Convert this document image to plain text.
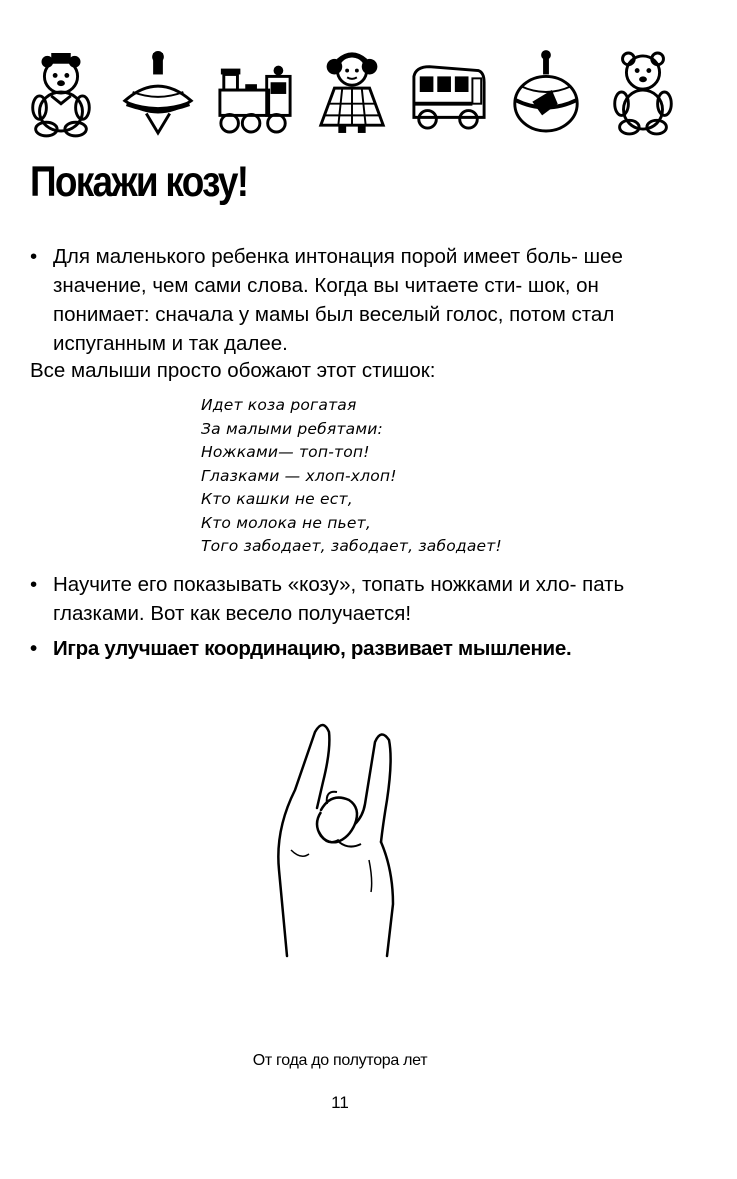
Покажи козу!
• Для маленького ребенка интонация порой имеет боль- шее значение, чем сами слова. Когда вы читаете сти- шок, он понимает: сначала у мамы был веселый голос, потом стал испуганным и так далее.

Все малыши просто обожают этот стишок:

Идет коза рогатая
За малыми ребятами:
Ножками— топ-топ!
Глазками — хлоп-хлоп!
Кто кашки не ест,
Кто молока не пьет,
Того забодает, забодает, забодает!
• Научите его показывать «козу», топать ножками и хло- пать глазками. Вот как весело получается!
• Игра улучшает координацию, развивает мышление.
От года до полутора лет
11
